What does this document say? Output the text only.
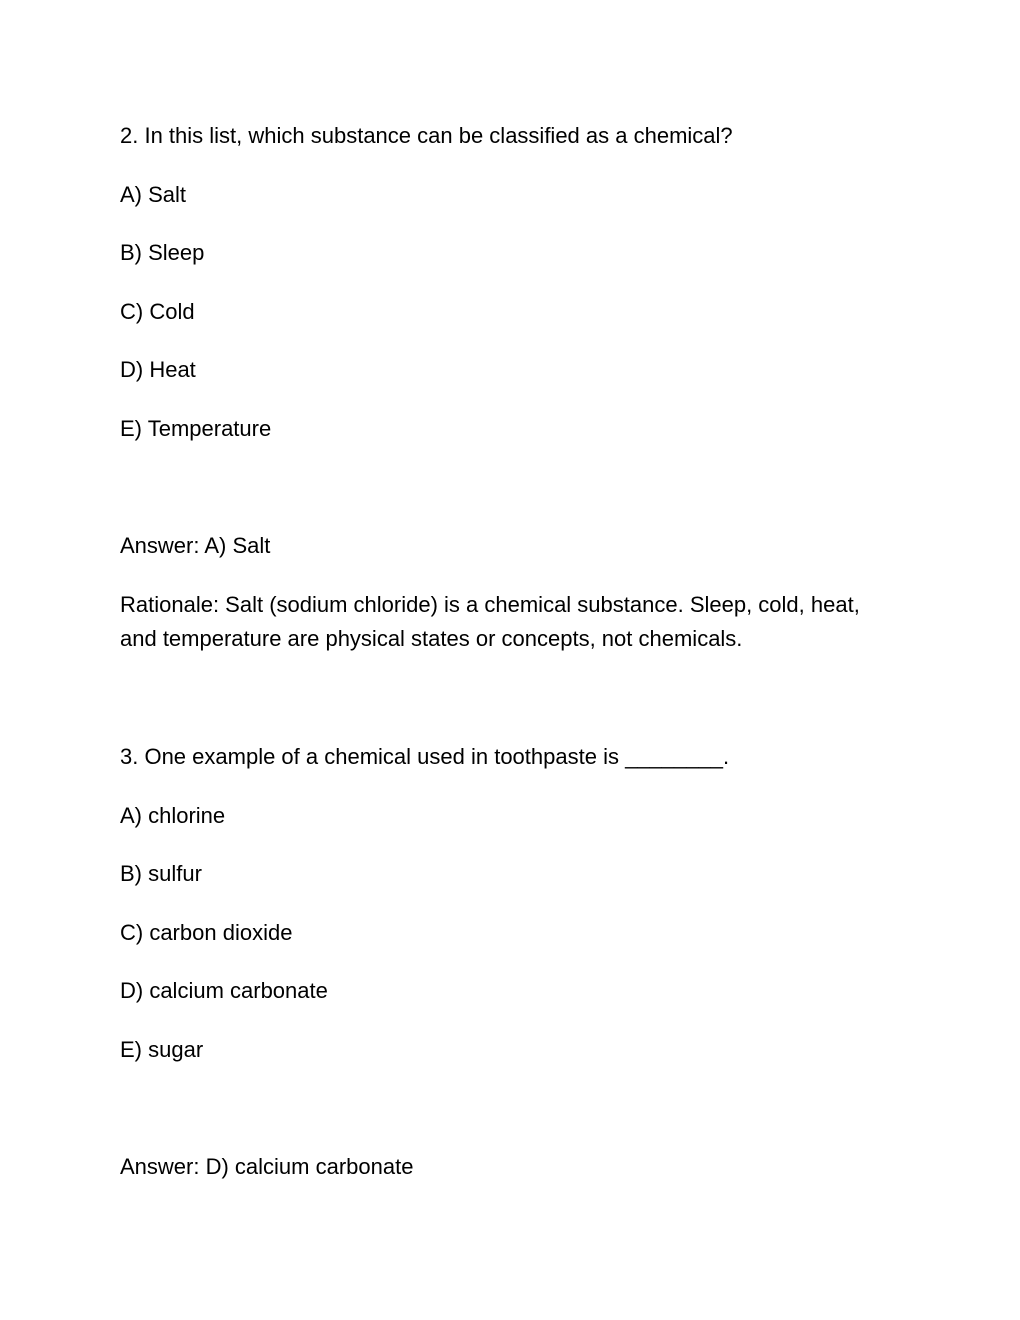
2. In this list, which substance can be classified as a chemical?
A) Salt
B) Sleep
C) Cold
D) Heat
E) Temperature
Answer: A) Salt
Rationale: Salt (sodium chloride) is a chemical substance. Sleep, cold, heat, and temperature are physical states or concepts, not chemicals.
3. One example of a chemical used in toothpaste is ________.
A) chlorine
B) sulfur
C) carbon dioxide
D) calcium carbonate
E) sugar
Answer: D) calcium carbonate
